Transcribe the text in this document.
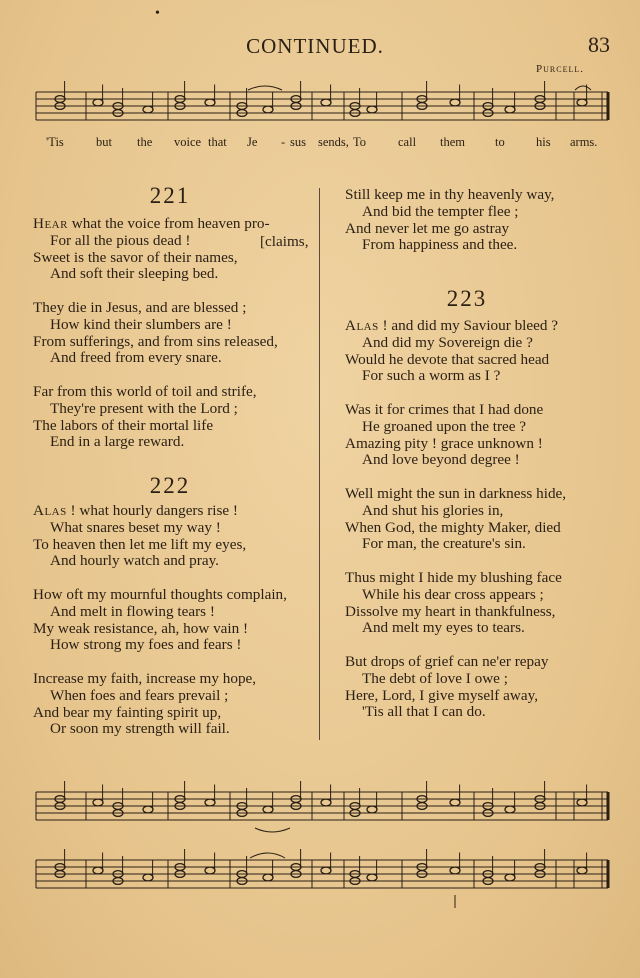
•
CONTINUED.	83
Purcell.
'Tis	but the voice that Je - sus sends, To	call them to	his arms.
221
Hear what the voice from heaven pro-
For all the pious dead !
Sweet is the savor of their names,
And soft their sleeping bed.
They die in Jesus, and are blessed ;
How kind their slumbers are !
From sufferings, and from sins released,
And freed from every snare.
Far from this world of toil and strife,
They're present with the Lord ;
The labors of their mortal life
End in a large reward.
[claims,
222
Alas ! what hourly dangers rise !
What snares beset my way !
To heaven then let me lift my eyes,
And hourly watch and pray.
How oft my mournful thoughts complain,
And melt in flowing tears !
My weak resistance, ah, how vain !
How strong my foes and fears !
Increase my faith, increase my hope,
When foes and fears prevail ;
And bear my fainting spirit up,
Or soon my strength will fail.
Still keep me in thy heavenly way,
And bid the tempter flee ;
And never let me go astray
From happiness and thee.
223
Alas ! and did my Saviour bleed ?
And did my Sovereign die ?
Would he devote that sacred head
For such a worm as I ?
Was it for crimes that I had done
He groaned upon the tree ?
Amazing pity ! grace unknown !
And love beyond degree !
Well might the sun in darkness hide,
And shut his glories in,
When God, the mighty Maker, died
For man, the creature's sin.
Thus might I hide my blushing face
While his dear cross appears ;
Dissolve my heart in thankfulness,
And melt my eyes to tears.
But drops of grief can ne'er repay
The debt of love I owe ;
Here, Lord, I give myself away,
'Tis all that I can do.
